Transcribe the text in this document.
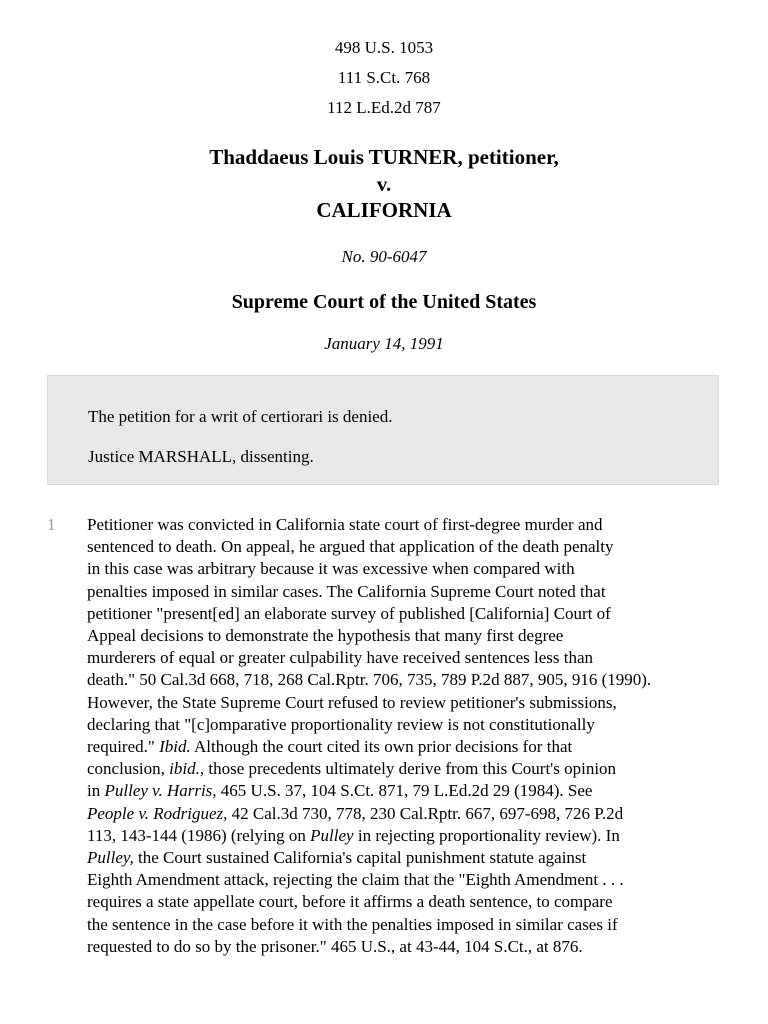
498 U.S. 1053
111 S.Ct. 768
112 L.Ed.2d 787
Thaddaeus Louis TURNER, petitioner,
v.
CALIFORNIA
No. 90-6047
Supreme Court of the United States
January 14, 1991
The petition for a writ of certiorari is denied.
Justice MARSHALL, dissenting.
1 Petitioner was convicted in California state court of first-degree murder and
sentenced to death. On appeal, he argued that application of the death penalty
in this case was arbitrary because it was excessive when compared with
penalties imposed in similar cases. The California Supreme Court noted that
petitioner "present[ed] an elaborate survey of published [California] Court of
Appeal decisions to demonstrate the hypothesis that many first degree
murderers of equal or greater culpability have received sentences less than
death." 50 Cal.3d 668, 718, 268 Cal.Rptr. 706, 735, 789 P.2d 887, 905, 916 (1990).
However, the State Supreme Court refused to review petitioner's submissions,
declaring that "[c]omparative proportionality review is not constitutionally
required." Ibid. Although the court cited its own prior decisions for that
conclusion, ibid., those precedents ultimately derive from this Court's opinion
in Pulley v. Harris, 465 U.S. 37, 104 S.Ct. 871, 79 L.Ed.2d 29 (1984). See
People v. Rodriguez, 42 Cal.3d 730, 778, 230 Cal.Rptr. 667, 697-698, 726 P.2d
113, 143-144 (1986) (relying on Pulley in rejecting proportionality review). In
Pulley, the Court sustained California's capital punishment statute against
Eighth Amendment attack, rejecting the claim that the "Eighth Amendment . . .
requires a state appellate court, before it affirms a death sentence, to compare
the sentence in the case before it with the penalties imposed in similar cases if
requested to do so by the prisoner." 465 U.S., at 43-44, 104 S.Ct., at 876.
